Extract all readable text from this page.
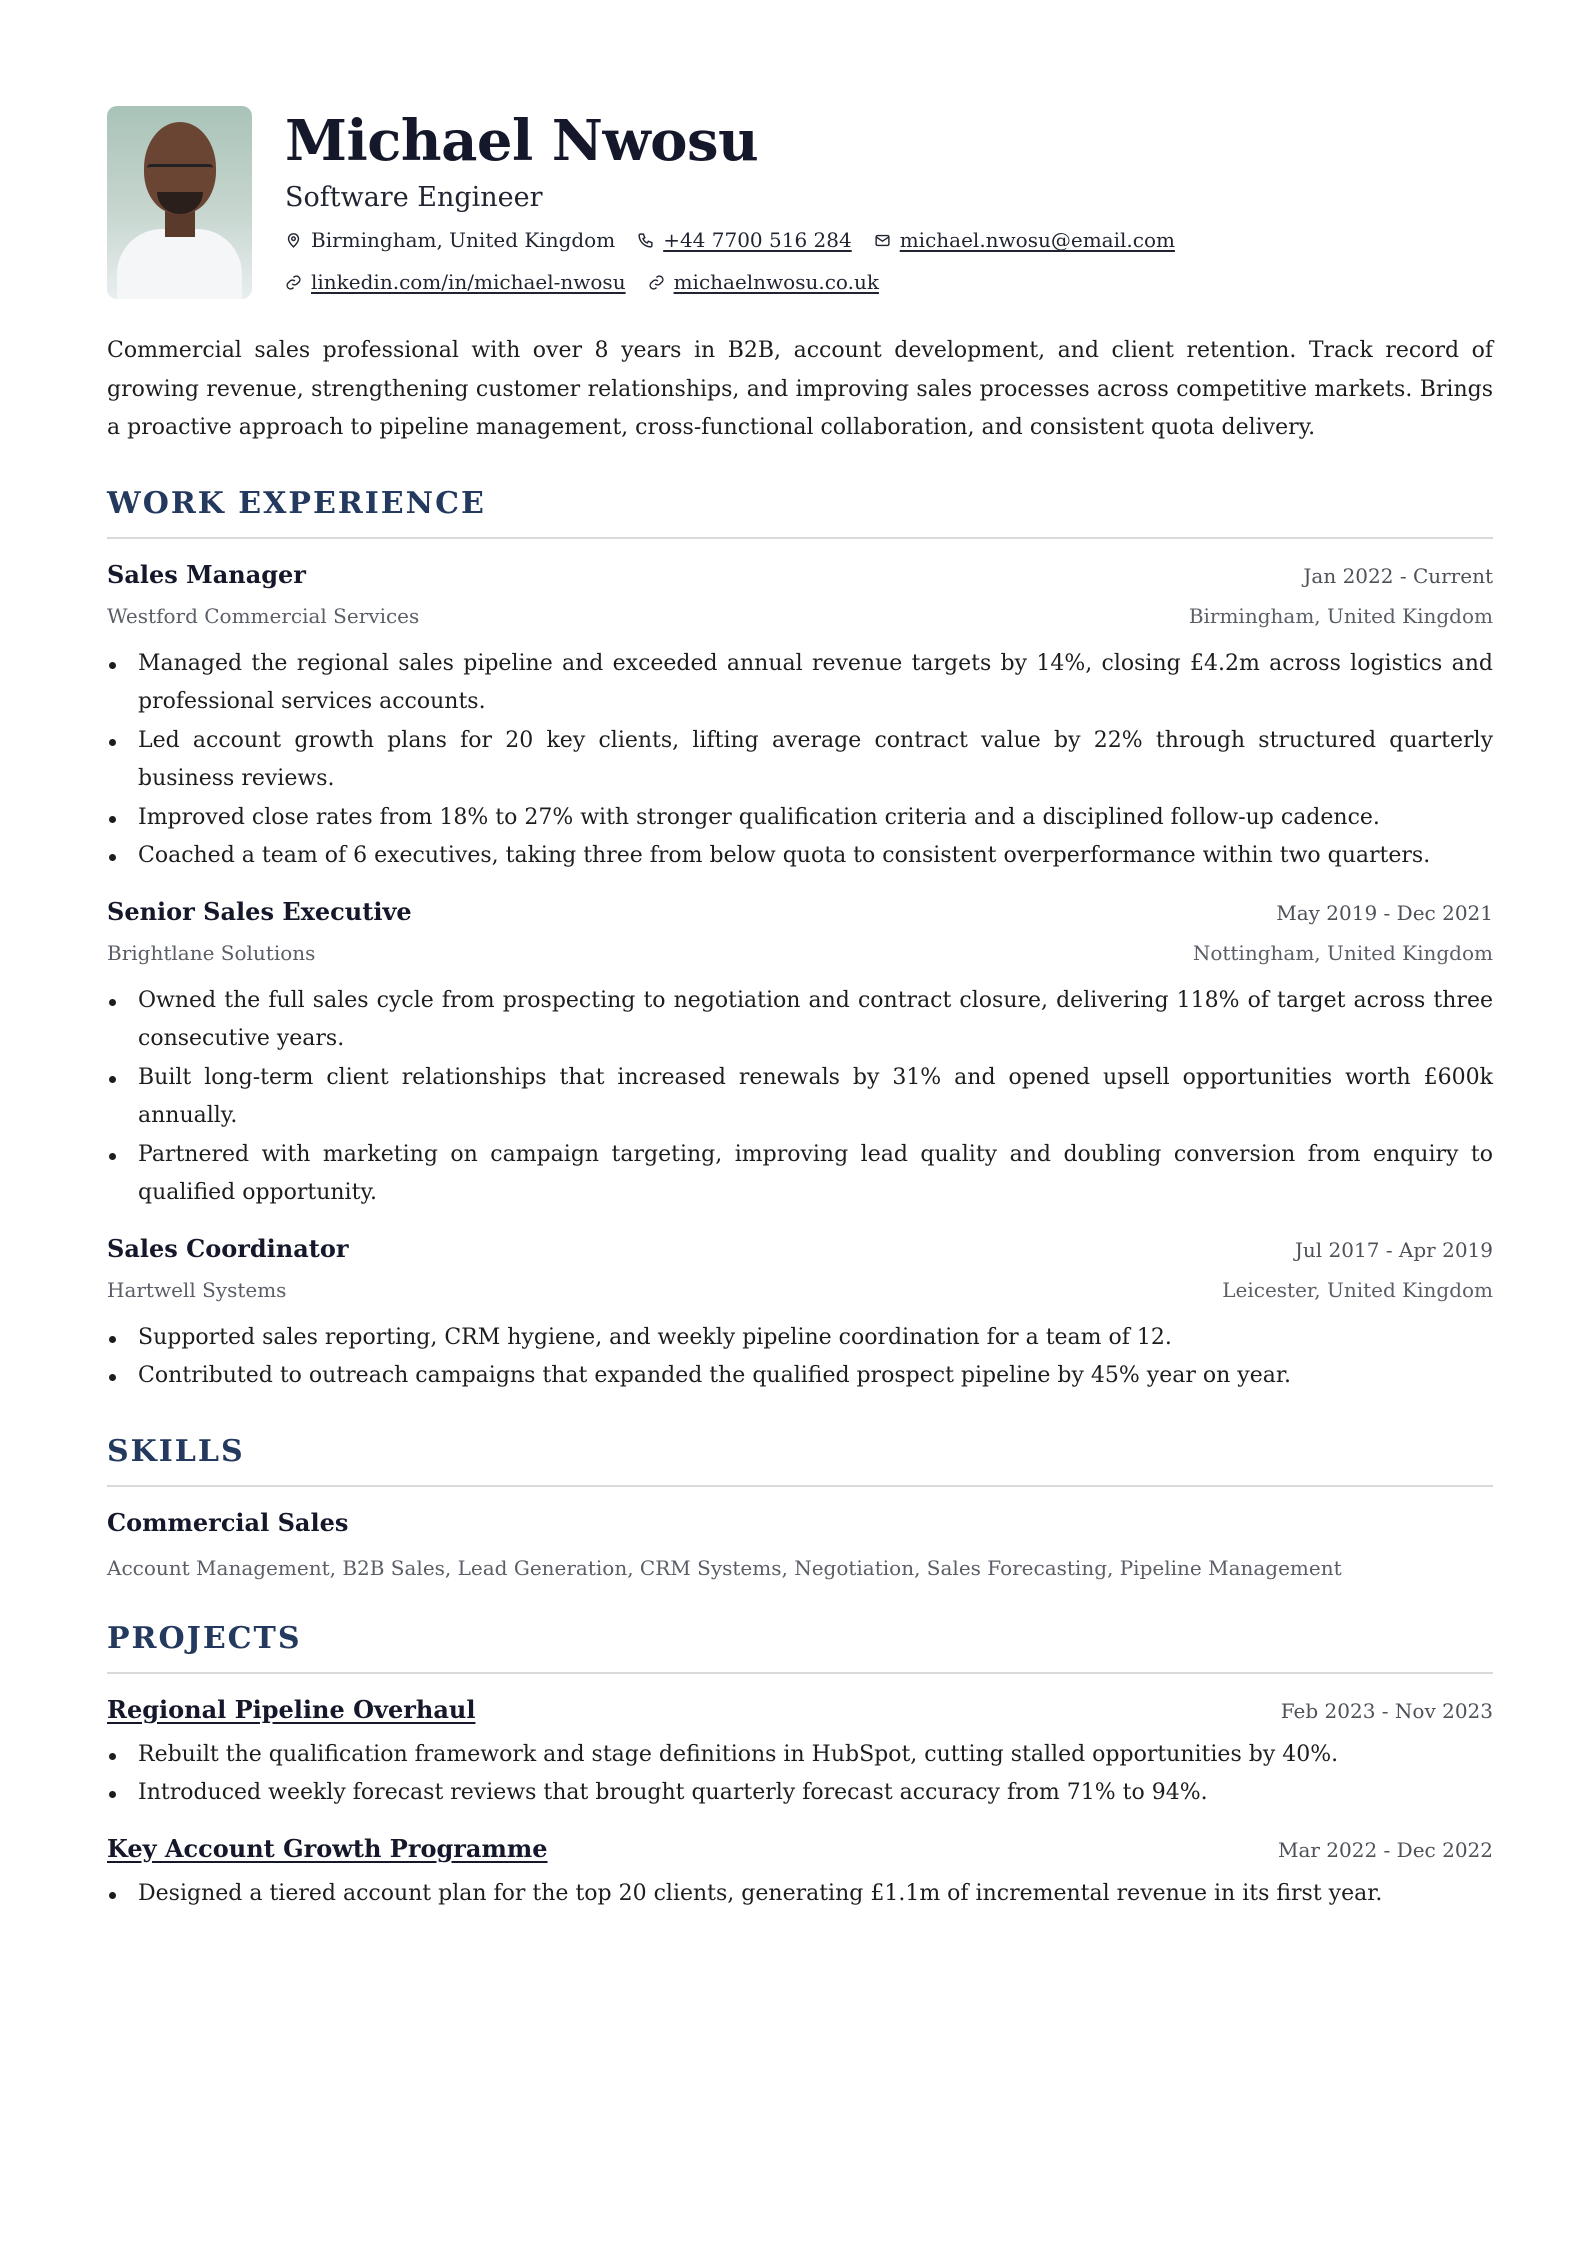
Michael Nwosu
Software Engineer
Birmingham, United Kingdom +44 7700 516 284 michael.nwosu@email.com
linkedin.com/in/michael-nwosu michaelnwosu.co.uk

Commercial sales professional with over 8 years in B2B, account development, and client retention. Track record of growing revenue, strengthening customer relationships, and improving sales processes across competitive markets. Brings a proactive approach to pipeline management, cross-functional collaboration, and consistent quota delivery.

WORK EXPERIENCE
Sales Manager	Jan 2022 - Current
Westford Commercial Services	Birmingham, United Kingdom
Managed the regional sales pipeline and exceeded annual revenue targets by 14%, closing £4.2m across logistics and professional services accounts.
Led account growth plans for 20 key clients, lifting average contract value by 22% through structured quarterly business reviews.
Improved close rates from 18% to 27% with stronger qualification criteria and a disciplined follow-up cadence.
Coached a team of 6 executives, taking three from below quota to consistent overperformance within two quarters.
Senior Sales Executive	May 2019 - Dec 2021
Brightlane Solutions	Nottingham, United Kingdom
Owned the full sales cycle from prospecting to negotiation and contract closure, delivering 118% of target across three consecutive years.
Built long-term client relationships that increased renewals by 31% and opened upsell opportunities worth £600k annually.
Partnered with marketing on campaign targeting, improving lead quality and doubling conversion from enquiry to qualified opportunity.
Sales Coordinator	Jul 2017 - Apr 2019
Hartwell Systems	Leicester, United Kingdom
Supported sales reporting, CRM hygiene, and weekly pipeline coordination for a team of 12.
Contributed to outreach campaigns that expanded the qualified prospect pipeline by 45% year on year.
SKILLS
Commercial Sales
Account Management, B2B Sales, Lead Generation, CRM Systems, Negotiation, Sales Forecasting, Pipeline Management
PROJECTS
Regional Pipeline Overhaul	Feb 2023 - Nov 2023
Rebuilt the qualification framework and stage definitions in HubSpot, cutting stalled opportunities by 40%.
Introduced weekly forecast reviews that brought quarterly forecast accuracy from 71% to 94%.
Key Account Growth Programme	Mar 2022 - Dec 2022
Designed a tiered account plan for the top 20 clients, generating £1.1m of incremental revenue in its first year.
